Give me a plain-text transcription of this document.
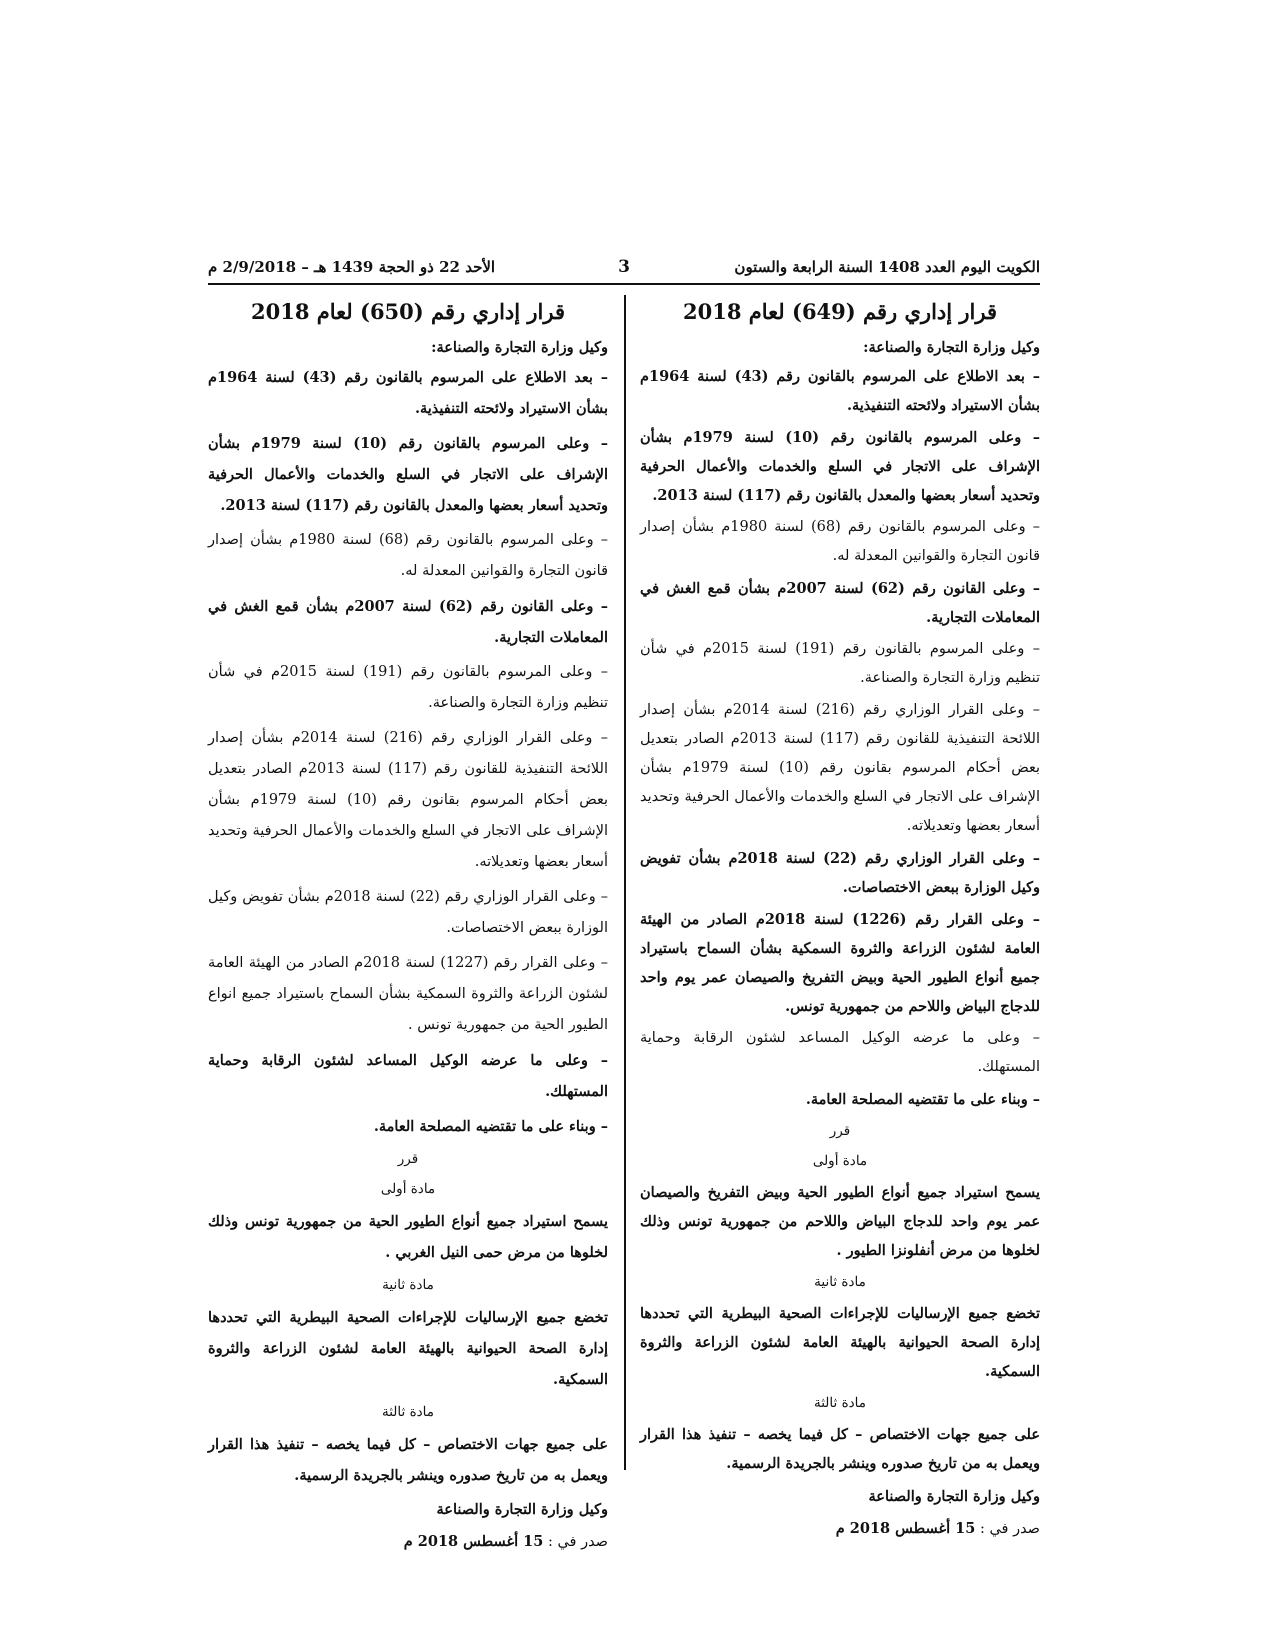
الكويت اليوم العدد 1408 السنة الرابعة والستون
3
الأحد 22 ذو الحجة 1439 هـ – 2/9/2018 م
قرار إداري رقم (649) لعام 2018
وكيل وزارة التجارة والصناعة:
– بعد الاطلاع على المرسوم بالقانون رقم (43) لسنة 1964م بشأن الاستيراد ولائحته التنفيذية.
– وعلى المرسوم بالقانون رقم (10) لسنة 1979م بشأن الإشراف على الاتجار في السلع والخدمات والأعمال الحرفية وتحديد أسعار بعضها والمعدل بالقانون رقم (117) لسنة 2013.
– وعلى المرسوم بالقانون رقم (68) لسنة 1980م بشأن إصدار قانون التجارة والقوانين المعدلة له.
– وعلى القانون رقم (62) لسنة 2007م بشأن قمع الغش في المعاملات التجارية.
– وعلى المرسوم بالقانون رقم (191) لسنة 2015م في شأن تنظيم وزارة التجارة والصناعة.
– وعلى القرار الوزاري رقم (216) لسنة 2014م بشأن إصدار اللائحة التنفيذية للقانون رقم (117) لسنة 2013م الصادر بتعديل بعض أحكام المرسوم بقانون رقم (10) لسنة 1979م بشأن الإشراف على الاتجار في السلع والخدمات والأعمال الحرفية وتحديد أسعار بعضها وتعديلاته.
– وعلى القرار الوزاري رقم (22) لسنة 2018م بشأن تفويض وكيل الوزارة ببعض الاختصاصات.
– وعلى القرار رقم (1226) لسنة 2018م الصادر من الهيئة العامة لشئون الزراعة والثروة السمكية بشأن السماح باستيراد جميع أنواع الطيور الحية وبيض التفريخ والصيصان عمر يوم واحد للدجاج البياض واللاحم من جمهورية تونس.
– وعلى ما عرضه الوكيل المساعد لشئون الرقابة وحماية المستهلك.
– وبناء على ما تقتضيه المصلحة العامة.
قرر
مادة أولى
يسمح استيراد جميع أنواع الطيور الحية وبيض التفريخ والصيصان عمر يوم واحد للدجاج البياض واللاحم من جمهورية تونس وذلك لخلوها من مرض أنفلونزا الطيور .
مادة ثانية
تخضع جميع الإرساليات للإجراءات الصحية البيطرية التي تحددها إدارة الصحة الحيوانية بالهيئة العامة لشئون الزراعة والثروة السمكية.
مادة ثالثة
على جميع جهات الاختصاص – كل فيما يخصه – تنفيذ هذا القرار ويعمل به من تاريخ صدوره وينشر بالجريدة الرسمية.
وكيل وزارة التجارة والصناعة
صدر في : 15 أغسطس 2018 م
قرار إداري رقم (650) لعام 2018
وكيل وزارة التجارة والصناعة:
– بعد الاطلاع على المرسوم بالقانون رقم (43) لسنة 1964م بشأن الاستيراد ولائحته التنفيذية.
– وعلى المرسوم بالقانون رقم (10) لسنة 1979م بشأن الإشراف على الاتجار في السلع والخدمات والأعمال الحرفية وتحديد أسعار بعضها والمعدل بالقانون رقم (117) لسنة 2013.
– وعلى المرسوم بالقانون رقم (68) لسنة 1980م بشأن إصدار قانون التجارة والقوانين المعدلة له.
– وعلى القانون رقم (62) لسنة 2007م بشأن قمع الغش في المعاملات التجارية.
– وعلى المرسوم بالقانون رقم (191) لسنة 2015م في شأن تنظيم وزارة التجارة والصناعة.
– وعلى القرار الوزاري رقم (216) لسنة 2014م بشأن إصدار اللائحة التنفيذية للقانون رقم (117) لسنة 2013م الصادر بتعديل بعض أحكام المرسوم بقانون رقم (10) لسنة 1979م بشأن الإشراف على الاتجار في السلع والخدمات والأعمال الحرفية وتحديد أسعار بعضها وتعديلاته.
– وعلى القرار الوزاري رقم (22) لسنة 2018م بشأن تفويض وكيل الوزارة ببعض الاختصاصات.
– وعلى القرار رقم (1227) لسنة 2018م الصادر من الهيئة العامة لشئون الزراعة والثروة السمكية بشأن السماح باستيراد جميع انواع الطيور الحية من جمهورية تونس .
– وعلى ما عرضه الوكيل المساعد لشئون الرقابة وحماية المستهلك.
– وبناء على ما تقتضيه المصلحة العامة.
قرر
مادة أولى
يسمح استيراد جميع أنواع الطيور الحية من جمهورية تونس وذلك لخلوها من مرض حمى النيل الغربي .
مادة ثانية
تخضع جميع الإرساليات للإجراءات الصحية البيطرية التي تحددها إدارة الصحة الحيوانية بالهيئة العامة لشئون الزراعة والثروة السمكية.
مادة ثالثة
على جميع جهات الاختصاص – كل فيما يخصه – تنفيذ هذا القرار ويعمل به من تاريخ صدوره وينشر بالجريدة الرسمية.
وكيل وزارة التجارة والصناعة
صدر في : 15 أغسطس 2018 م
